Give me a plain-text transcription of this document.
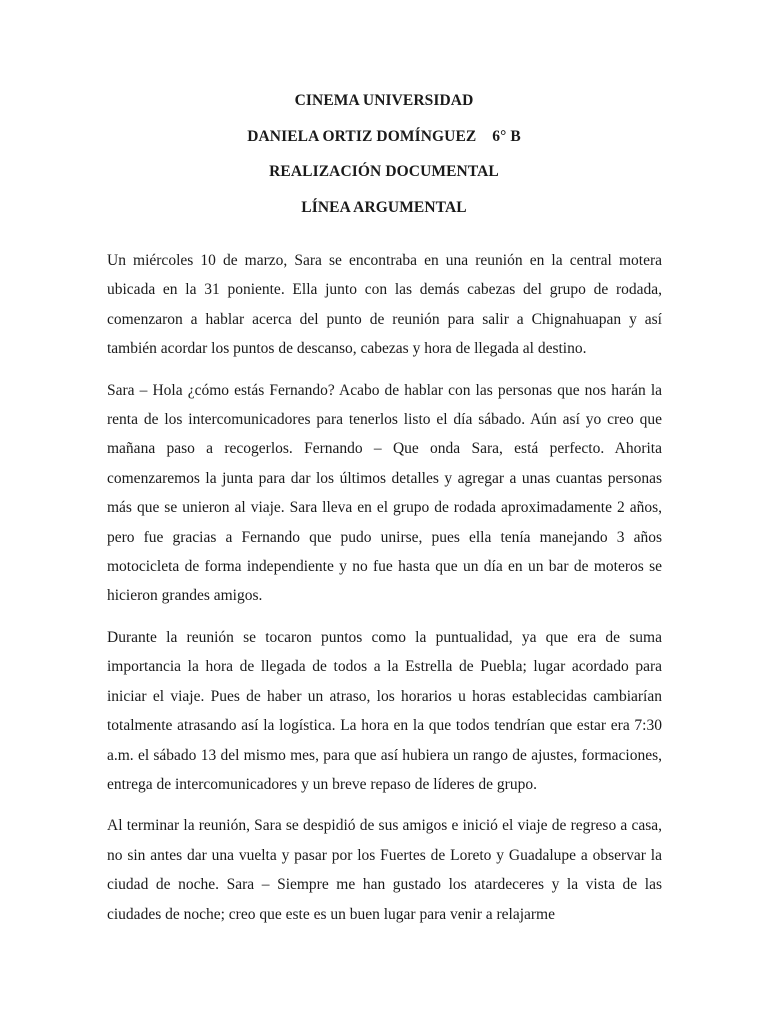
CINEMA UNIVERSIDAD
DANIELA ORTIZ DOMÍNGUEZ    6° B
REALIZACIÓN DOCUMENTAL
LÍNEA ARGUMENTAL

Un miércoles 10 de marzo, Sara se encontraba en una reunión en la central motera ubicada en la 31 poniente. Ella junto con las demás cabezas del grupo de rodada, comenzaron a hablar acerca del punto de reunión para salir a Chignahuapan y así también acordar los puntos de descanso, cabezas y hora de llegada al destino.

Sara – Hola ¿cómo estás Fernando? Acabo de hablar con las personas que nos harán la renta de los intercomunicadores para tenerlos listo el día sábado. Aún así yo creo que mañana paso a recogerlos. Fernando – Que onda Sara, está perfecto. Ahorita comenzaremos la junta para dar los últimos detalles y agregar a unas cuantas personas más que se unieron al viaje. Sara lleva en el grupo de rodada aproximadamente 2 años, pero fue gracias a Fernando que pudo unirse, pues ella tenía manejando 3 años motocicleta de forma independiente y no fue hasta que un día en un bar de moteros se hicieron grandes amigos.

Durante la reunión se tocaron puntos como la puntualidad, ya que era de suma importancia la hora de llegada de todos a la Estrella de Puebla; lugar acordado para iniciar el viaje. Pues de haber un atraso, los horarios u horas establecidas cambiarían totalmente atrasando así la logística. La hora en la que todos tendrían que estar era 7:30 a.m. el sábado 13 del mismo mes, para que así hubiera un rango de ajustes, formaciones, entrega de intercomunicadores y un breve repaso de líderes de grupo.

Al terminar la reunión, Sara se despidió de sus amigos e inició el viaje de regreso a casa, no sin antes dar una vuelta y pasar por los Fuertes de Loreto y Guadalupe a observar la ciudad de noche. Sara – Siempre me han gustado los atardeceres y la vista de las ciudades de noche; creo que este es un buen lugar para venir a relajarme
